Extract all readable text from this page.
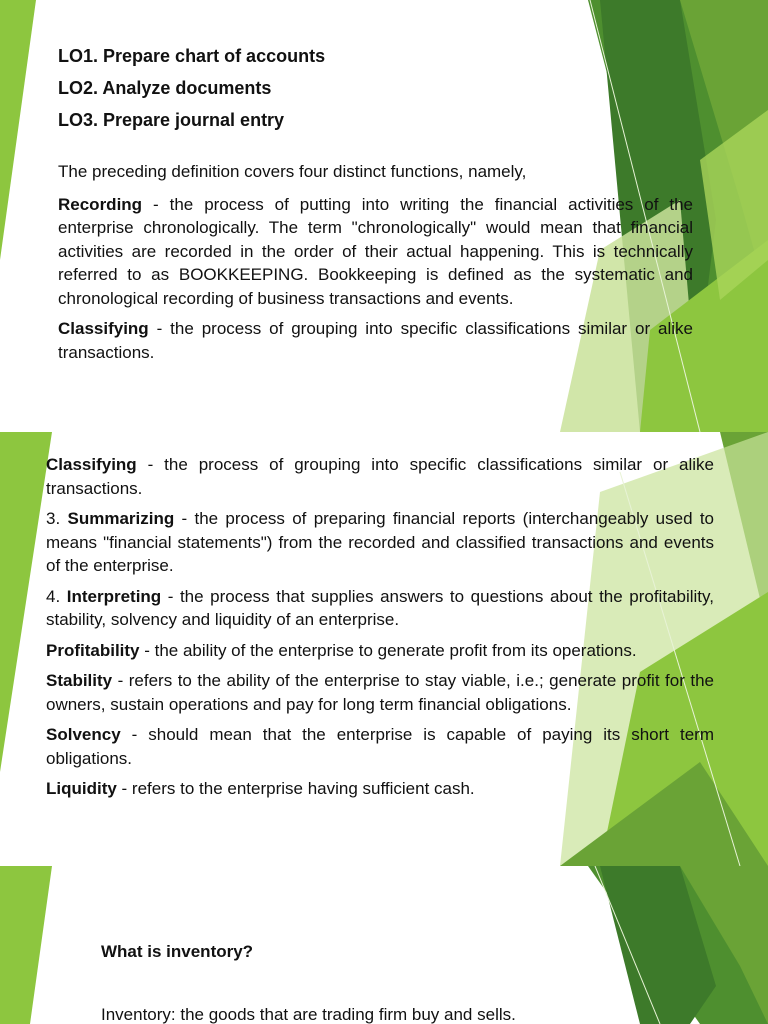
LO1. Prepare chart of accounts

LO2. Analyze documents

LO3. Prepare journal entry

The preceding definition covers four distinct functions, namely,

Recording - the process of putting into writing the financial activities of the enterprise chronologically. The term "chronologically" would mean that financial activities are recorded in the order of their actual happening. This is technically referred to as BOOKKEEPING. Bookkeeping is defined as the systematic and chronological recording of business transactions and events.

Classifying - the process of grouping into specific classifications similar or alike transactions.

Classifying - the process of grouping into specific classifications similar or alike transactions.

3. Summarizing - the process of preparing financial reports (interchangeably used to means "financial statements") from the recorded and classified transactions and events of the enterprise.

4. Interpreting - the process that supplies answers to questions about the profitability, stability, solvency and liquidity of an enterprise.

Profitability - the ability of the enterprise to generate profit from its operations.

Stability - refers to the ability of the enterprise to stay viable, i.e.; generate profit for the owners, sustain operations and pay for long term financial obligations.

Solvency - should mean that the enterprise is capable of paying its short term obligations.

Liquidity - refers to the enterprise having sufficient cash.

What is inventory?

Inventory: the goods that are trading firm buy and sells.
